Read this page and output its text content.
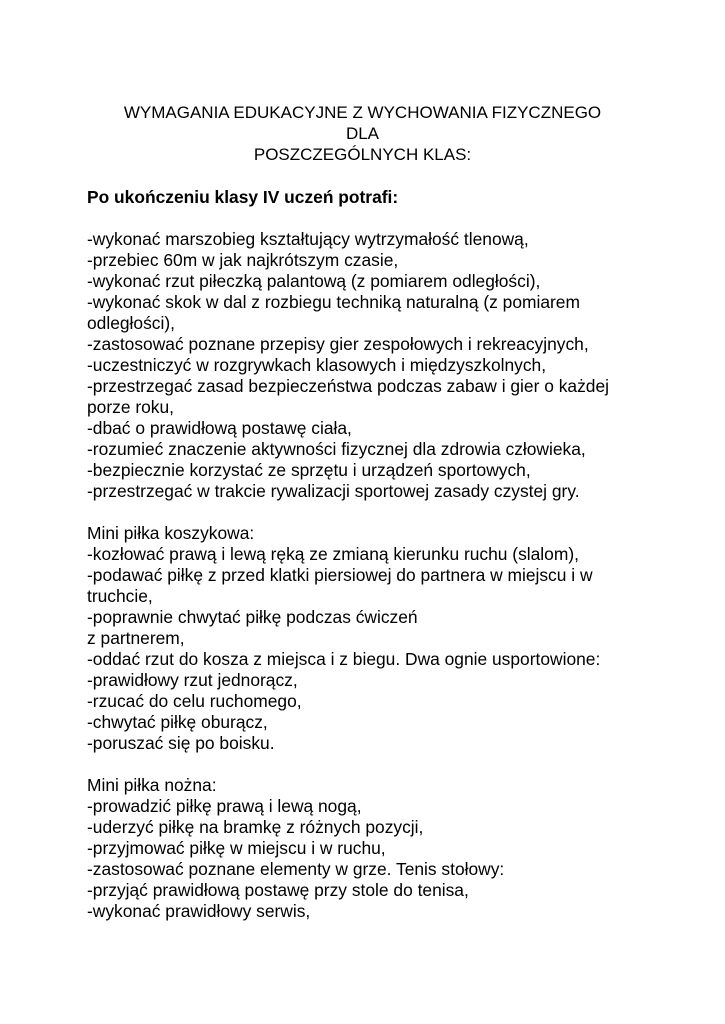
WYMAGANIA EDUKACYJNE Z WYCHOWANIA FIZYCZNEGO
DLA
POSZCZEGÓLNYCH KLAS:
Po ukończeniu klasy IV uczeń potrafi:
-wykonać marszobieg kształtujący wytrzymałość tlenową,
-przebiec 60m w jak najkrótszym czasie,
-wykonać rzut piłeczką palantową (z pomiarem odległości),
-wykonać skok w dal z rozbiegu techniką naturalną (z pomiarem
odległości),
-zastosować poznane przepisy gier zespołowych i rekreacyjnych,
-uczestniczyć w rozgrywkach klasowych i międzyszkolnych,
-przestrzegać zasad bezpieczeństwa podczas zabaw i gier o każdej
porze roku,
-dbać o prawidłową postawę ciała,
-rozumieć znaczenie aktywności fizycznej dla zdrowia człowieka,
-bezpiecznie korzystać ze sprzętu i urządzeń sportowych,
-przestrzegać w trakcie rywalizacji sportowej zasady czystej gry.
Mini piłka koszykowa:
-kozłować prawą i lewą ręką ze zmianą kierunku ruchu (slalom),
-podawać piłkę z przed klatki piersiowej do partnera w miejscu i w
truchcie,
-poprawnie chwytać piłkę podczas ćwiczeń
z partnerem,
-oddać rzut do kosza z miejsca i z biegu. Dwa ognie usportowione:
-prawidłowy rzut jednorącz,
-rzucać do celu ruchomego,
-chwytać piłkę oburącz,
-poruszać się po boisku.
Mini piłka nożna:
-prowadzić piłkę prawą i lewą nogą,
-uderzyć piłkę na bramkę z różnych pozycji,
-przyjmować piłkę w miejscu i w ruchu,
-zastosować poznane elementy w grze. Tenis stołowy:
-przyjąć prawidłową postawę przy stole do tenisa,
-wykonać prawidłowy serwis,
